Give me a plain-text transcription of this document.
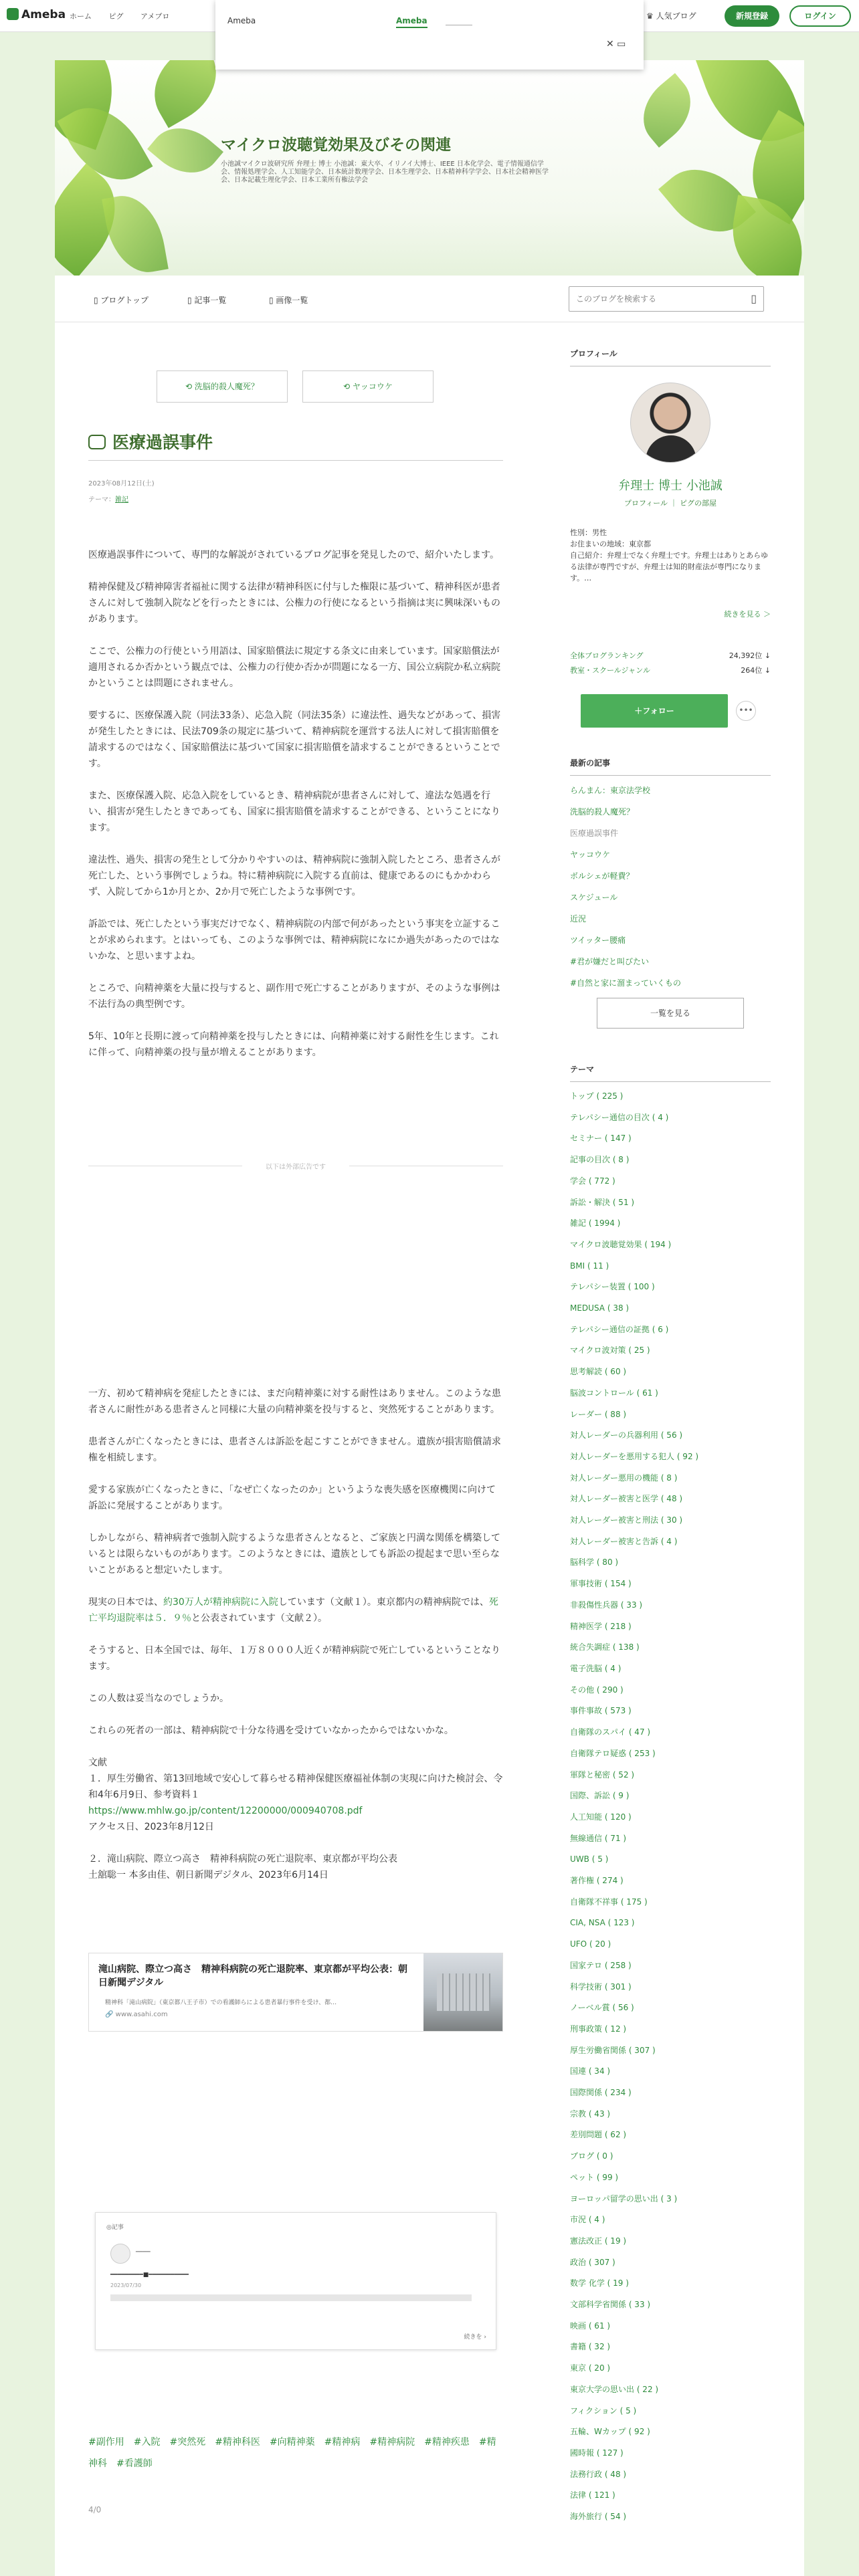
Ameba ホーム ピグ アメブロ	♛ 人気ブログ	新規登録	ログイン
Ameba	Ameba
✕ ▭
マイクロ波聴覚効果及びその関連
小池誠マイクロ波研究所 弁理士 博士 小池誠：東大卒、イリノイ大博士、IEEE 日本化学会、電子情報通信学会、情報処理学会、人工知能学会、日本統計数理学会、日本生理学会、日本精神科学学会、日本社会精神医学会、日本記載生理化学会、日本工業所有権法学会
▯ ブログトップ	▯ 記事一覧	▯ 画像一覧
このブログを検索する	▯
⟲ 洗脳的殺人魔死？	⟲ ヤッコウケ
医療過誤事件
2023年08月12日(土)
テーマ：雑記

医療過誤事件について、専門的な解説がされているブログ記事を発見したので、紹介いたします。

精神保健及び精神障害者福祉に関する法律が精神科医に付与した権限に基づいて、精神科医が患者さんに対して強制入院などを行ったときには、公権力の行使になるという指摘は実に興味深いものがあります。

ここで、公権力の行使という用語は、国家賠償法に規定する条文に由来しています。国家賠償法が適用されるか否かという観点では、公権力の行使か否かが問題になる一方、国公立病院か私立病院かということは問題にされません。

要するに、医療保護入院（同法33条）、応急入院（同法35条）に違法性、過失などがあって、損害が発生したときには、民法709条の規定に基づいて、精神病院を運営する法人に対して損害賠償を請求するのではなく、国家賠償法に基づいて国家に損害賠償を請求することができるということです。

また、医療保護入院、応急入院をしているとき、精神病院が患者さんに対して、違法な処遇を行い、損害が発生したときであっても、国家に損害賠償を請求することができる、ということになります。

違法性、過失、損害の発生として分かりやすいのは、精神病院に強制入院したところ、患者さんが死亡した、という事例でしょうね。特に精神病院に入院する直前は、健康であるのにもかかわらず、入院してから1か月とか、2か月で死亡したような事例です。

訴訟では、死亡したという事実だけでなく、精神病院の内部で何があったという事実を立証することが求められます。とはいっても、このような事例では、精神病院になにか過失があったのではないかな、と思いますよね。

ところで、向精神薬を大量に投与すると、副作用で死亡することがありますが、そのような事例は不法行為の典型例です。

5年、10年と長期に渡って向精神薬を投与したときには、向精神薬に対する耐性を生じます。これに伴って、向精神薬の投与量が増えることがあります。

以下は外部広告です

一方、初めて精神病を発症したときには、まだ向精神薬に対する耐性はありません。このような患者さんに耐性がある患者さんと同様に大量の向精神薬を投与すると、突然死することがあります。

患者さんが亡くなったときには、患者さんは訴訟を起こすことができません。遺族が損害賠償請求権を相続します。

愛する家族が亡くなったときに、「なぜ亡くなったのか」というような喪失感を医療機関に向けて訴訟に発展することがあります。

しかしながら、精神病者で強制入院するような患者さんとなると、ご家族と円満な関係を構築しているとは限らないものがあります。このようなときには、遺族としても訴訟の提起まで思い至らないことがあると想定いたします。

現実の日本では、約30万人が精神病院に入院しています（文献１）。東京都内の精神病院では、死亡平均退院率は５．９％と公表されています（文献２）。

そうすると、日本全国では、毎年、１万８０００人近くが精神病院で死亡しているということなります。

この人数は妥当なのでしょうか。

これらの死者の一部は、精神病院で十分な待遇を受けていなかったからではないかな。

文献

１．厚生労働省、第13回地域で安心して暮らせる精神保健医療福祉体制の実現に向けた検討会、令和4年6月9日、参考資料１

https://www.mhlw.go.jp/content/12200000/000940708.pdf

アクセス日、2023年8月12日

２．滝山病院、際立つ高さ　精神科病院の死亡退院率、東京都が平均公表

土舘聡一 本多由佳、朝日新聞デジタル、2023年6月14日

滝山病院、際立つ高さ　精神科病院の死亡退院率、東京都が平均公表：朝日新聞デジタル
精神科「滝山病院」（東京都八王子市）での看護師らによる患者暴行事件を受け、都…
🔗 www.asahi.com
◎記事
━━━━
━━━━━━━━━■━━━━━━━━━━━
2023/07/30
続きを ›
#副作用 #入院 #突然死 #精神科医 #向精神薬 #精神病 #精神病院 #精神疾患 #精神科 #看護師
4/0
プロフィール
弁理士 博士 小池誠
プロフィール ｜ ピグの部屋
性別：男性
お住まいの地域：東京都
自己紹介：弁理士でなく弁理士です。弁理士はありとあらゆる法律が専門ですが、弁理士は知的財産法が専門になります。…
続きを見る ＞
全体ブログランキング	24,392位 ↓
教室・スクールジャンル	264位 ↓
＋フォロー	•••
最新の記事
らんまん：東京法学校
洗脳的殺人魔死？
医療過誤事件
ヤッコウケ
ボルシェが軽費？
スケジュール
近況
ツイッター腰痛
#君が嫌だと叫びたい
#自然と家に溜まっていくもの
一覧を見る
テーマ
トップ ( 225 )
テレパシー通信の目次 ( 4 )
セミナー ( 147 )
記事の目次 ( 8 )
学会 ( 772 )
訴訟・解決 ( 51 )
雑記 ( 1994 )
マイクロ波聴覚効果 ( 194 )
BMI ( 11 )
テレパシー装置 ( 100 )
MEDUSA ( 38 )
テレパシー通信の証拠 ( 6 )
マイクロ波対策 ( 25 )
思考解読 ( 60 )
脳波コントロール ( 61 )
レーダー ( 88 )
対人レーダーの兵器利用 ( 56 )
対人レーダーを悪用する犯人 ( 92 )
対人レーダー悪用の機能 ( 8 )
対人レーダー被害と医学 ( 48 )
対人レーダー被害と刑法 ( 30 )
対人レーダー被害と告訴 ( 4 )
脳科学 ( 80 )
軍事技術 ( 154 )
非殺傷性兵器 ( 33 )
精神医学 ( 218 )
統合失調症 ( 138 )
電子洗脳 ( 4 )
その他 ( 290 )
事件事故 ( 573 )
自衛隊のスパイ ( 47 )
自衛隊テロ疑惑 ( 253 )
軍隊と秘密 ( 52 )
国際、訴訟 ( 9 )
人工知能 ( 120 )
無線通信 ( 71 )
UWB ( 5 )
著作権 ( 274 )
自衛隊不祥事 ( 175 )
CIA, NSA ( 123 )
UFO ( 20 )
国家テロ ( 258 )
科学技術 ( 301 )
ノーベル賞 ( 56 )
刑事政策 ( 12 )
厚生労働省関係 ( 307 )
国連 ( 34 )
国際関係 ( 234 )
宗教 ( 43 )
差別問題 ( 62 )
ブログ ( 0 )
ペット ( 99 )
ヨーロッパ留学の思い出 ( 3 )
市況 ( 4 )
憲法改正 ( 19 )
政治 ( 307 )
数学 化学 ( 19 )
文部科学省関係 ( 33 )
映画 ( 61 )
書籍 ( 32 )
東京 ( 20 )
東京大学の思い出 ( 22 )
フィクション ( 5 )
五輪、Wカップ ( 92 )
國時報 ( 127 )
法務行政 ( 48 )
法律 ( 121 )
海外旅行 ( 54 )
